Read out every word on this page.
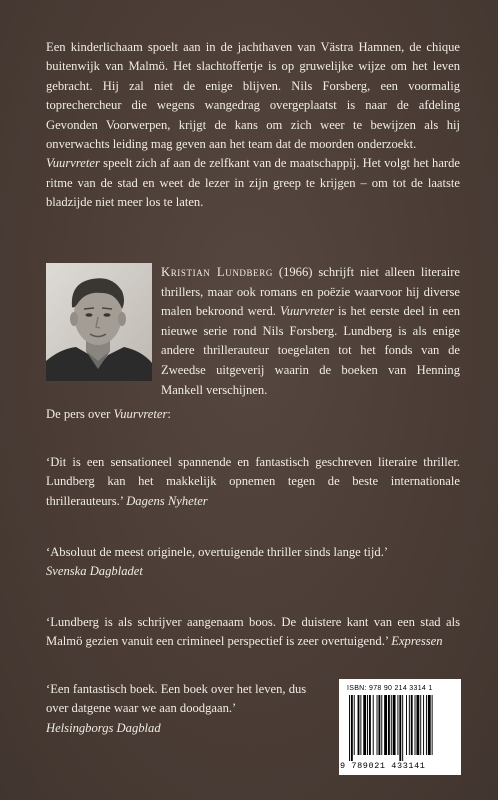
Een kinderlichaam spoelt aan in de jachthaven van Västra Hamnen, de chique buitenwijk van Malmö. Het slachtoffertje is op gruwelijke wijze om het leven gebracht. Hij zal niet de enige blijven. Nils Forsberg, een voormalig toprechercheur die wegens wangedrag overgeplaatst is naar de afdeling Gevonden Voorwerpen, krijgt de kans om zich weer te bewijzen als hij onverwachts leiding mag geven aan het team dat de moorden onderzoekt.

Vuurvreter speelt zich af aan de zelfkant van de maatschappij. Het volgt het harde ritme van de stad en weet de lezer in zijn greep te krijgen – om tot de laatste bladzijde niet meer los te laten.

Kristian Lundberg (1966) schrijft niet alleen literaire thrillers, maar ook romans en poëzie waarvoor hij diverse malen bekroond werd. Vuurvreter is het eerste deel in een nieuwe serie rond Nils Forsberg. Lundberg is als enige andere thrillerauteur toegelaten tot het fonds van de Zweedse uitgeverij waarin de boeken van Henning Mankell verschijnen.

De pers over Vuurvreter:

‘Dit is een sensationeel spannende en fantastisch geschreven literaire thriller. Lundberg kan het makkelijk opnemen tegen de beste internationale thrillerauteurs.’ Dagens Nyheter

‘Absoluut de meest originele, overtuigende thriller sinds lange tijd.’

Svenska Dagbladet

‘Lundberg is als schrijver aangenaam boos. De duistere kant van een stad als Malmö gezien vanuit een crimineel perspectief is zeer overtuigend.’ Expressen

‘Een fantastisch boek. Een boek over het leven, dus over datgene waar we aan doodgaan.’

Helsingborgs Dagblad

ISBN: 978 90 214 3314 1
9 789021 433141
